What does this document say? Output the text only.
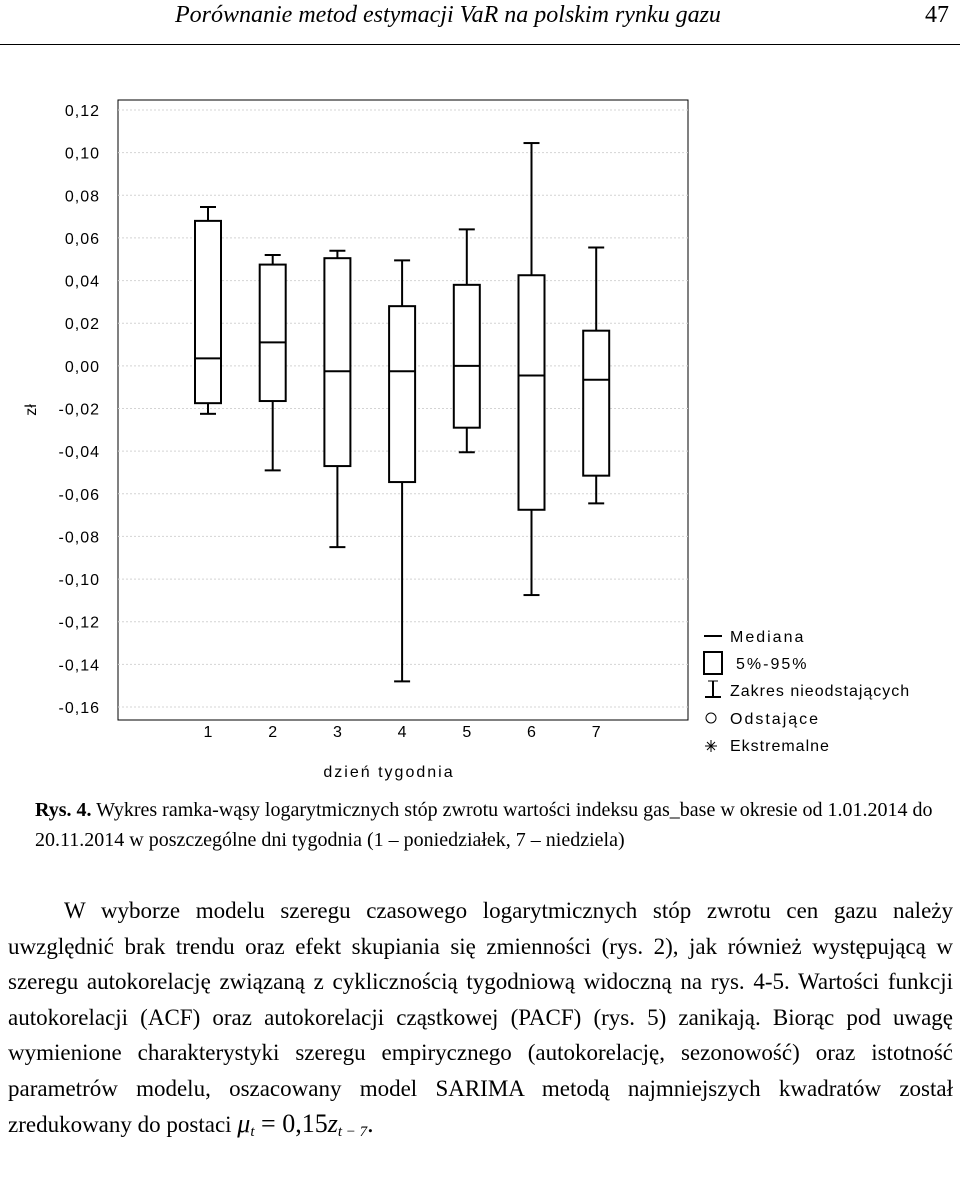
Porównanie metod estymacji VaR na polskim rynku gazu	47
0,12
0,10
0,08
0,06
0,04
0,02
0,00
-0,02
-0,04
-0,06
-0,08
-0,10
-0,12
-0,14
-0,16
1	2	3	4	5	6	7
zł
dzień tygodnia
Mediana
5%-95%
Zakres nieodstających
Odstające
Ekstremalne
Rys. 4. Wykres ramka-wąsy logarytmicznych stóp zwrotu wartości indeksu gas_base w okresie od 1.01.2014 do 20.11.2014 w poszczególne dni tygodnia (1 – poniedziałek, 7 – niedziela)

W wyborze modelu szeregu czasowego logarytmicznych stóp zwrotu cen gazu należy uwzględnić brak trendu oraz efekt skupiania się zmienności (rys. 2), jak również występującą w szeregu autokorelację związaną z cyklicznością tygodniową widoczną na rys. 4-5. Wartości funkcji autokorelacji (ACF) oraz autokorelacji cząstkowej (PACF) (rys. 5) zanikają. Biorąc pod uwagę wymienione charakterystyki szeregu empirycznego (autokorelację, sezonowość) oraz istotność parametrów modelu, oszacowany model SARIMA metodą najmniejszych kwadratów został zredukowany do postaci $\mu_t = 0,15z_{t - 7}$.
